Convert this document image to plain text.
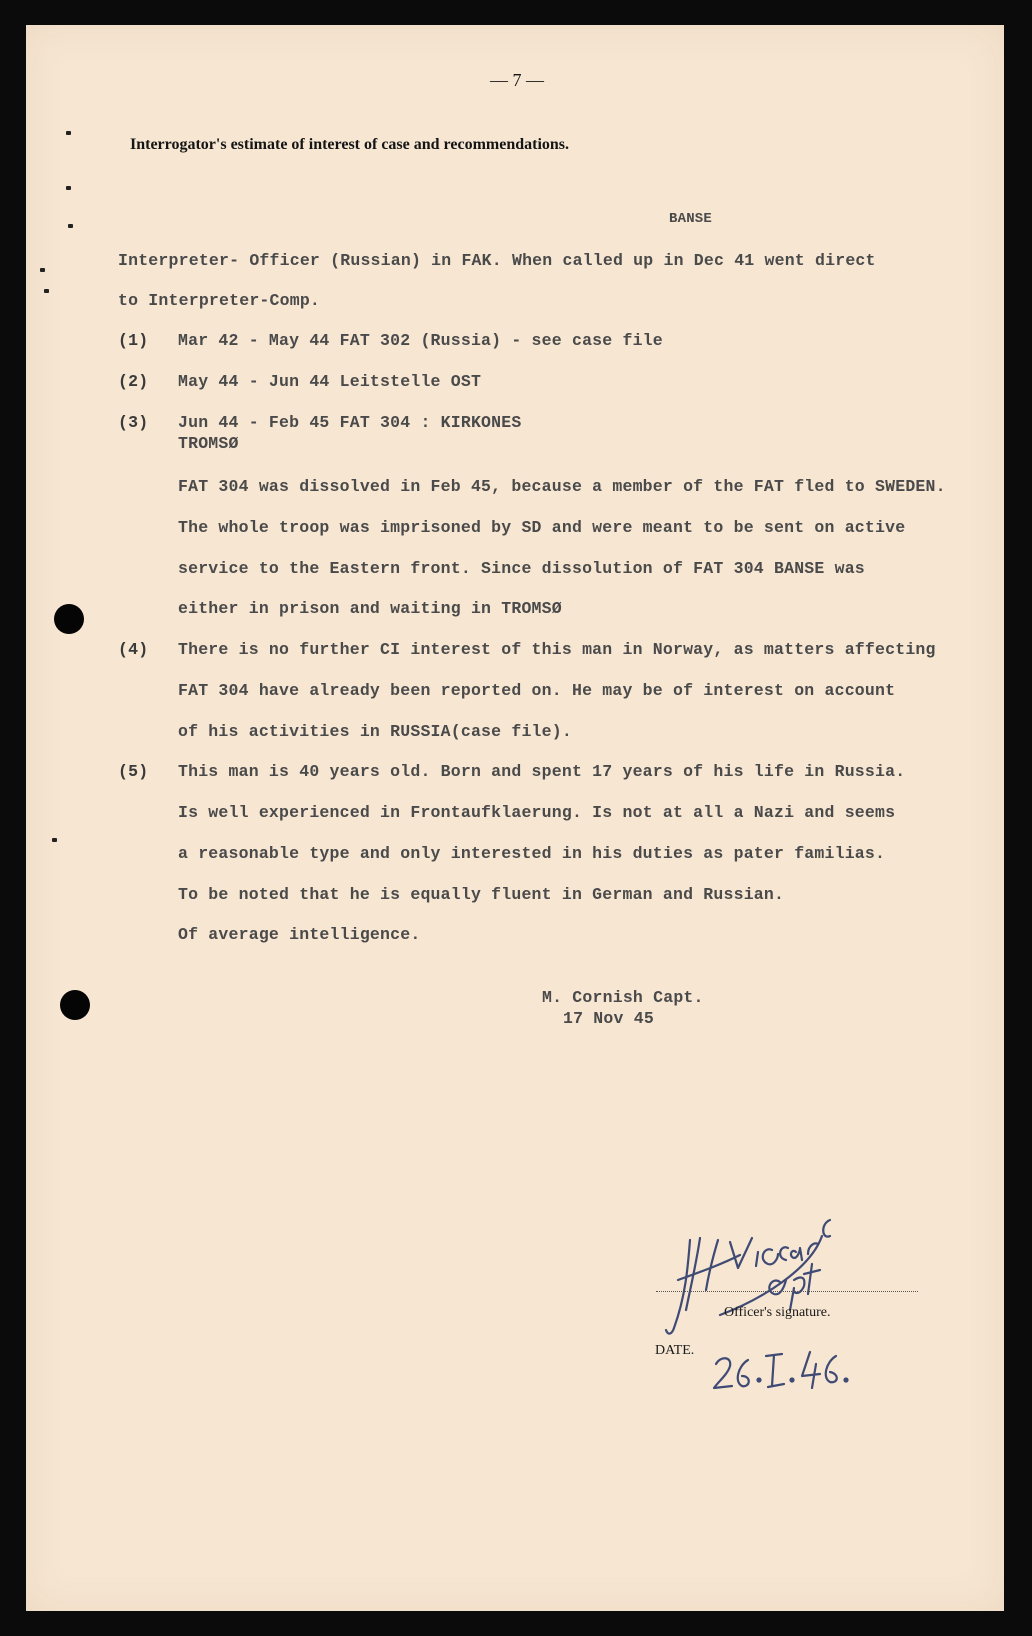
— 7 —
Interrogator's estimate of interest of case and recommendations.
BANSE
Interpreter- Officer (Russian) in FAK. When called up in Dec 41 went direct
to Interpreter-Comp.
(1) Mar 42 - May 44 FAT 302 (Russia) - see case file
(2) May 44 - Jun 44 Leitstelle OST
(3) Jun 44 - Feb 45 FAT 304 : KIRKONES
TROMSØ
FAT 304 was dissolved in Feb 45, because a member of the FAT fled to SWEDEN.
The whole troop was imprisoned by SD and were meant to be sent on active
service to the Eastern front. Since dissolution of FAT 304 BANSE was
either in prison and waiting in TROMSØ
(4) There is no further CI interest of this man in Norway, as matters affecting
FAT 304 have already been reported on. He may be of interest on account
of his activities in RUSSIA(case file).
(5) This man is 40 years old. Born and spent 17 years of his life in Russia.
Is well experienced in Frontaufklaerung. Is not at all a Nazi and seems
a reasonable type and only interested in his duties as pater familias.
To be noted that he is equally fluent in German and Russian.
Of average intelligence.
M. Cornish Capt.
17 Nov 45
Officer's signature.
DATE.
